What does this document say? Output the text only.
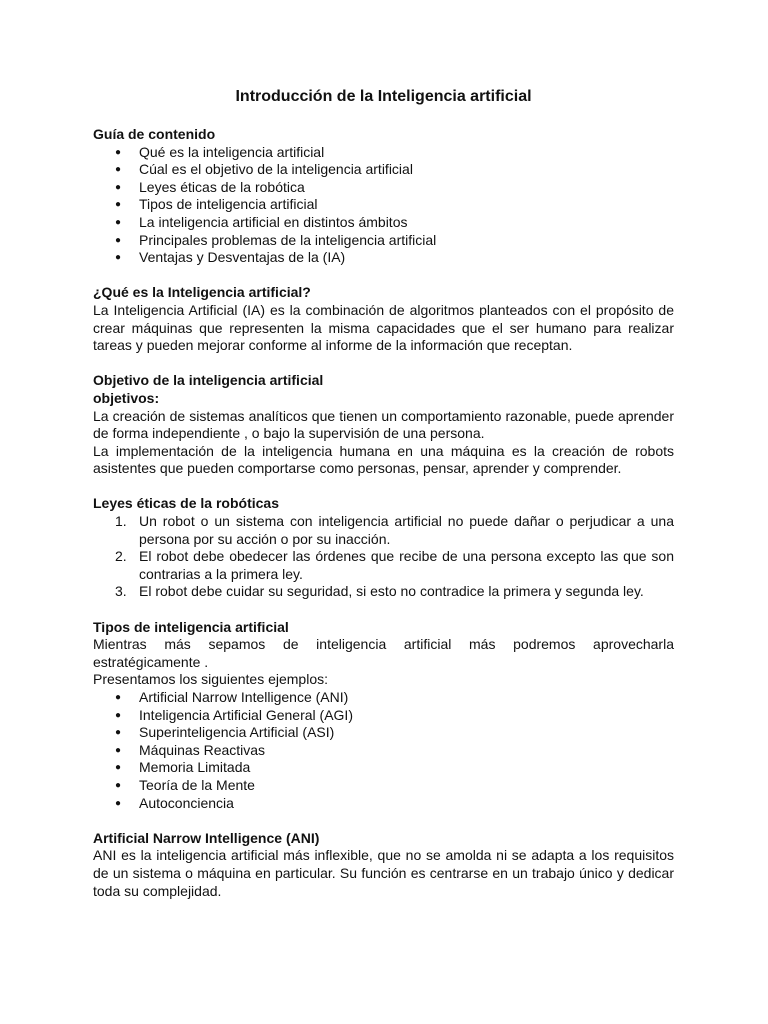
Introducción de la Inteligencia artificial
Guía de contenido
● Qué es la inteligencia artificial
● Cúal es el objetivo de la inteligencia artificial
● Leyes éticas de la robótica
● Tipos de inteligencia artificial
● La inteligencia artificial en distintos ámbitos
● Principales problemas de la inteligencia artificial
● Ventajas y Desventajas de la (IA)
¿Qué es la Inteligencia artificial?

La Inteligencia Artificial (IA) es la combinación de algoritmos planteados con el propósito de crear máquinas que representen la misma capacidades que el ser humano para realizar tareas y pueden mejorar conforme al informe de la información que receptan.

Objetivo de la inteligencia artificial
objetivos:

La creación de sistemas analíticos que tienen un comportamiento razonable, puede aprender de forma independiente , o bajo la supervisión de una persona.

La implementación de la inteligencia humana en una máquina es la creación de robots asistentes que pueden comportarse como personas, pensar, aprender y comprender.

Leyes éticas de la robóticas
1. Un robot o un sistema con inteligencia artificial no puede dañar o perjudicar a una persona por su acción o por su inacción.
2. El robot debe obedecer las órdenes que recibe de una persona excepto las que son contrarias a la primera ley.
3. El robot debe cuidar su seguridad, si esto no contradice la primera y segunda ley.
Tipos de inteligencia artificial

Mientras más sepamos de inteligencia artificial más podremos aprovecharla estratégicamente .

Presentamos los siguientes ejemplos:

● Artificial Narrow Intelligence (ANI)
● Inteligencia Artificial General (AGI)
● Superinteligencia Artificial (ASI)
● Máquinas Reactivas
● Memoria Limitada
● Teoría de la Mente
● Autoconciencia
Artificial Narrow Intelligence (ANI)

ANI es la inteligencia artificial más inflexible, que no se amolda ni se adapta a los requisitos de un sistema o máquina en particular. Su función es centrarse en un trabajo único y dedicar toda su complejidad.
